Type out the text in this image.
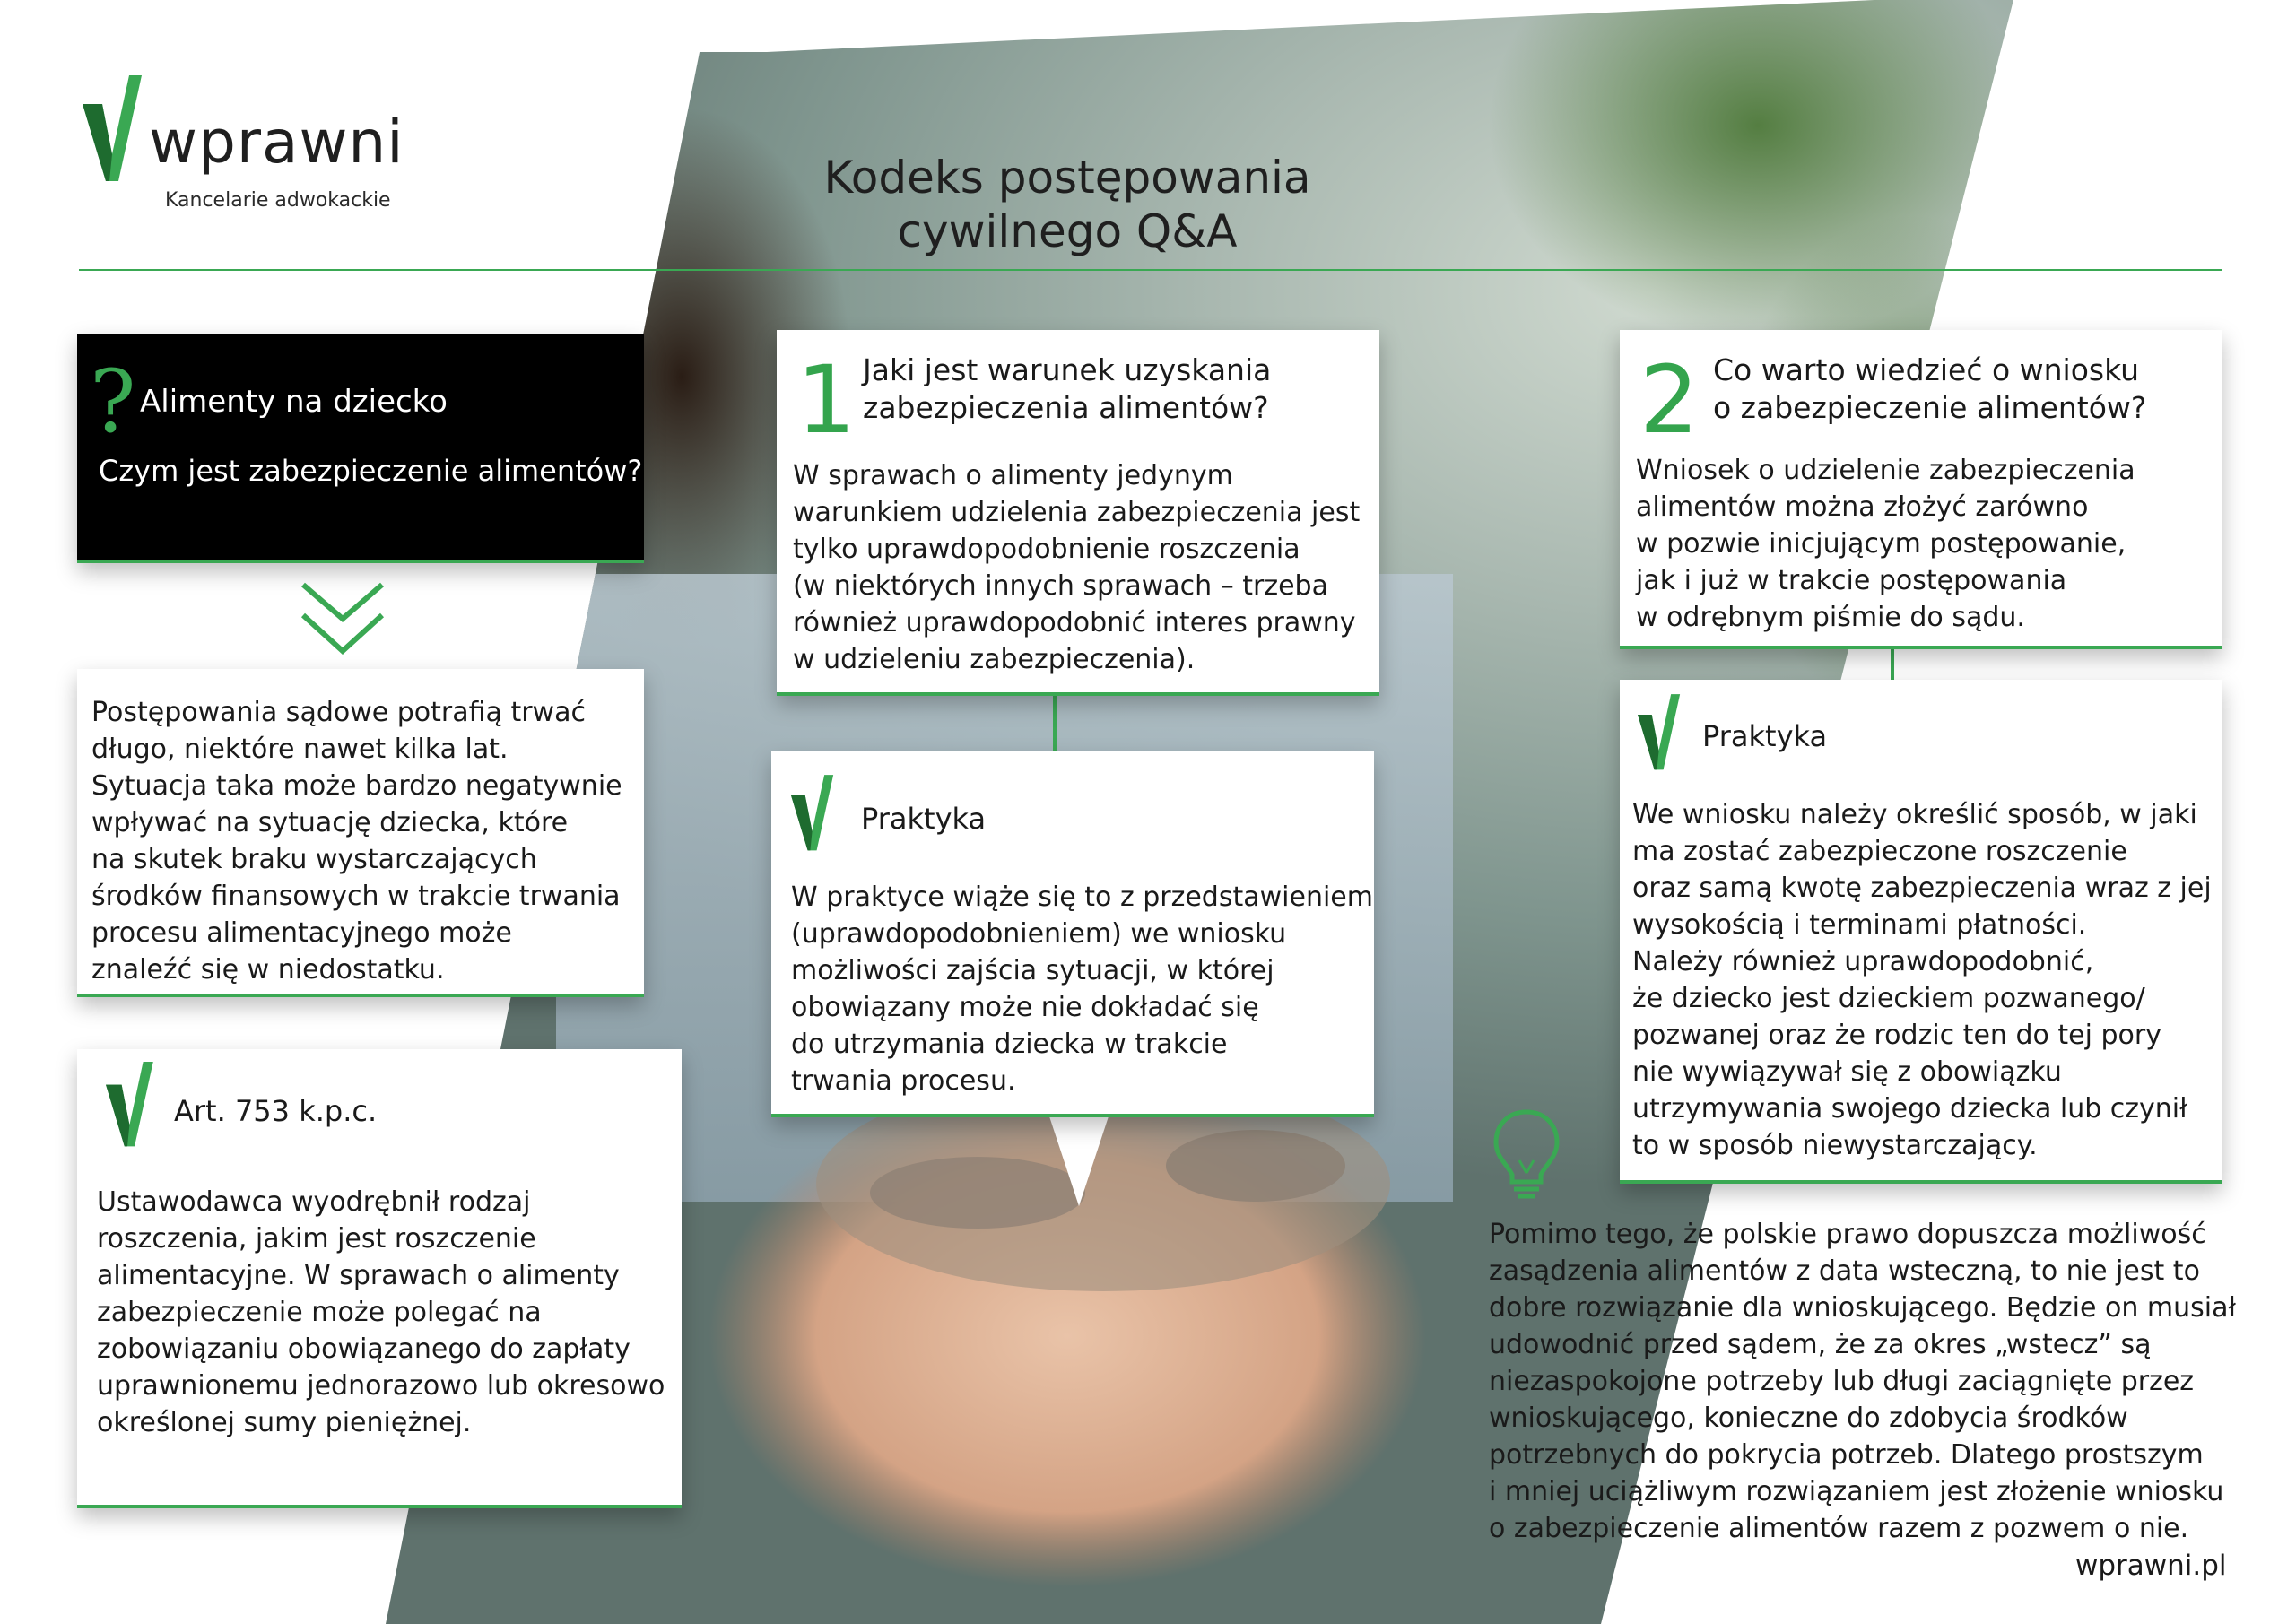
wprawni
Kancelarie adwokackie	Kodeks postępowania
cywilnego Q&A
? Alimenty na dziecko
Czym jest zabezpieczenie alimentów?
Postępowania sądowe potrafią trwać
długo, niektóre nawet kilka lat.
Sytuacja taka może bardzo negatywnie
wpływać na sytuację dziecka, które
na skutek braku wystarczających
środków finansowych w trakcie trwania
procesu alimentacyjnego może
znaleźć się w niedostatku.
Art. 753 k.p.c.
Ustawodawca wyodrębnił rodzaj
roszczenia, jakim jest roszczenie
alimentacyjne. W sprawach o alimenty
zabezpieczenie może polegać na
zobowiązaniu obowiązanego do zapłaty
uprawnionemu jednorazowo lub okresowo
określonej sumy pieniężnej.
1 Jaki jest warunek uzyskania
zabezpieczenia alimentów?
W sprawach o alimenty jedynym
warunkiem udzielenia zabezpieczenia jest
tylko uprawdopodobnienie roszczenia
(w niektórych innych sprawach – trzeba
również uprawdopodobnić interes prawny
w udzieleniu zabezpieczenia).
Praktyka
W praktyce wiąże się to z przedstawieniem
(uprawdopodobnieniem) we wniosku
możliwości zajścia sytuacji, w której
obowiązany może nie dokładać się
do utrzymania dziecka w trakcie
trwania procesu.
2 Co warto wiedzieć o wniosku
o zabezpieczenie alimentów?
Wniosek o udzielenie zabezpieczenia
alimentów można złożyć zarówno
w pozwie inicjującym postępowanie,
jak i już w trakcie postępowania
w odrębnym piśmie do sądu.
Praktyka
We wniosku należy określić sposób, w jaki
ma zostać zabezpieczone roszczenie
oraz samą kwotę zabezpieczenia wraz z jej
wysokością i terminami płatności.
Należy również uprawdopodobnić,
że dziecko jest dzieckiem pozwanego/
pozwanej oraz że rodzic ten do tej pory
nie wywiązywał się z obowiązku
utrzymywania swojego dziecka lub czynił
to w sposób niewystarczający.
Pomimo tego, że polskie prawo dopuszcza możliwość
zasądzenia alimentów z data wsteczną, to nie jest to
dobre rozwiązanie dla wnioskującego. Będzie on musiał
udowodnić przed sądem, że za okres „wstecz” są
niezaspokojone potrzeby lub długi zaciągnięte przez
wnioskującego, konieczne do zdobycia środków
potrzebnych do pokrycia potrzeb. Dlatego prostszym
i mniej uciążliwym rozwiązaniem jest złożenie wniosku
o zabezpieczenie alimentów razem z pozwem o nie.
wprawni.pl
